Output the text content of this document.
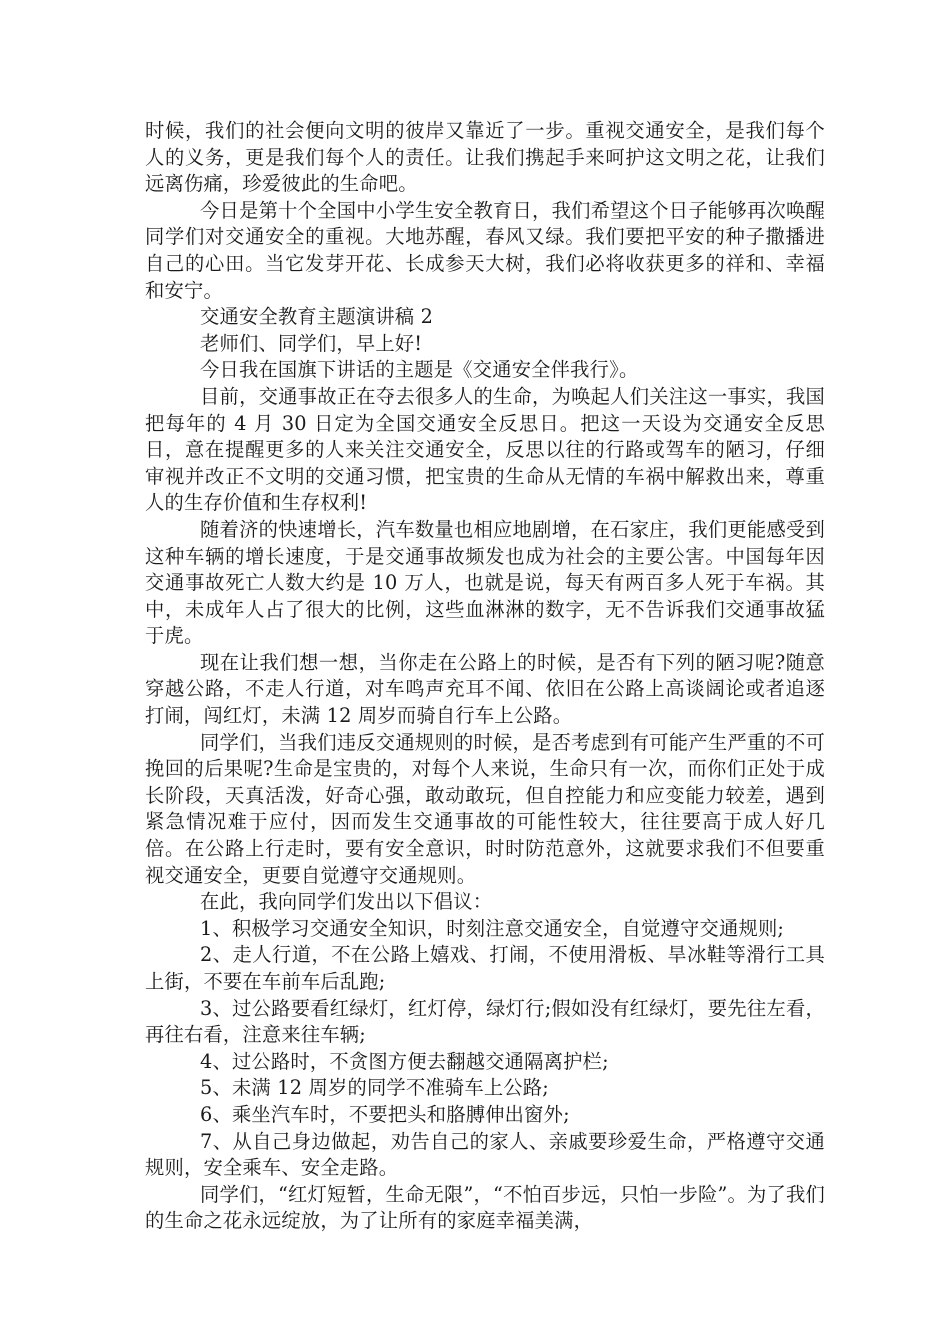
时候，我们的社会便向文明的彼岸又靠近了一步。重视交通安全，是我们每个人的义务，更是我们每个人的责任。让我们携起手来呵护这文明之花，让我们远离伤痛，珍爱彼此的生命吧。

今日是第十个全国中小学生安全教育日，我们希望这个日子能够再次唤醒同学们对交通安全的重视。大地苏醒，春风又绿。我们要把平安的种子撒播进自己的心田。当它发芽开花、长成参天大树，我们必将收获更多的祥和、幸福和安宁。

交通安全教育主题演讲稿 2

老师们、同学们，早上好!

今日我在国旗下讲话的主题是《交通安全伴我行》。

目前，交通事故正在夺去很多人的生命，为唤起人们关注这一事实，我国把每年的 4 月 30 日定为全国交通安全反思日。把这一天设为交通安全反思日，意在提醒更多的人来关注交通安全，反思以往的行路或驾车的陋习，仔细审视并改正不文明的交通习惯，把宝贵的生命从无情的车祸中解救出来，尊重人的生存价值和生存权利!

随着济的快速增长，汽车数量也相应地剧增，在石家庄，我们更能感受到这种车辆的增长速度，于是交通事故频发也成为社会的主要公害。中国每年因交通事故死亡人数大约是 10 万人，也就是说，每天有两百多人死于车祸。其中，未成年人占了很大的比例，这些血淋淋的数字，无不告诉我们交通事故猛于虎。

现在让我们想一想，当你走在公路上的时候，是否有下列的陋习呢?随意穿越公路，不走人行道，对车鸣声充耳不闻、依旧在公路上高谈阔论或者追逐打闹，闯红灯，未满 12 周岁而骑自行车上公路。

同学们，当我们违反交通规则的时候，是否考虑到有可能产生严重的不可挽回的后果呢?生命是宝贵的，对每个人来说，生命只有一次，而你们正处于成长阶段，天真活泼，好奇心强，敢动敢玩，但自控能力和应变能力较差，遇到紧急情况难于应付，因而发生交通事故的可能性较大，往往要高于成人好几倍。在公路上行走时，要有安全意识，时时防范意外，这就要求我们不但要重视交通安全，更要自觉遵守交通规则。

在此，我向同学们发出以下倡议：

1、积极学习交通安全知识，时刻注意交通安全，自觉遵守交通规则;

2、走人行道，不在公路上嬉戏、打闹，不使用滑板、旱冰鞋等滑行工具上街，不要在车前车后乱跑;

3、过公路要看红绿灯，红灯停，绿灯行;假如没有红绿灯，要先往左看，再往右看，注意来往车辆;

4、过公路时，不贪图方便去翻越交通隔离护栏;

5、未满 12 周岁的同学不准骑车上公路;

6、乘坐汽车时，不要把头和胳膊伸出窗外;

7、从自己身边做起，劝告自己的家人、亲戚要珍爱生命，严格遵守交通规则，安全乘车、安全走路。

同学们，“红灯短暂，生命无限”，“不怕百步远，只怕一步险”。为了我们的生命之花永远绽放，为了让所有的家庭幸福美满，
